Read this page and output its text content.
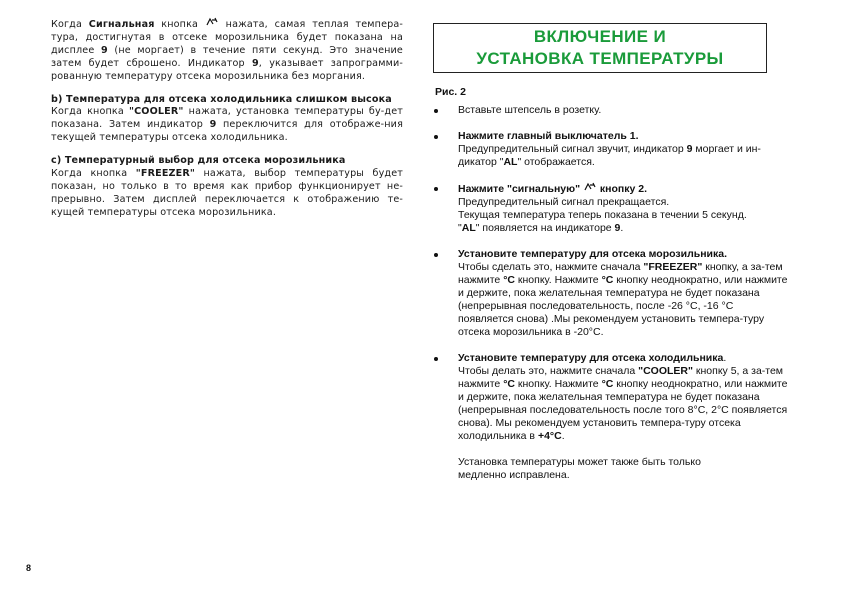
Когда Сигнальная кнопка  нажата, самая теплая темпера-тура, достигнутая в отсеке морозильника будет показана на дисплее 9 (не моргает) в течение пяти секунд. Это значение затем будет сброшено. Индикатор 9, указывает запрограмми-рованную температуру отсека морозильника без моргания.

b) Температура для отсека холодильника слишком высока
Когда кнопка "COOLER" нажата, установка температуры бу-дет показана. Затем индикатор 9 переключится для отображе-ния текущей температуры отсека холодильника.

c) Температурный выбор для отсека морозильника
Когда кнопка "FREEZER" нажата, выбор температуры будет показан, но только в то время как прибор функционирует не-прерывно. Затем дисплей переключается к отображению те-кущей температуры отсека морозильника.

8
ВКЛЮЧЕНИЕ И
УСТАНОВКА ТЕМПЕРАТУРЫ
Рис. 2
Вставьте штепсель в розетку.
Нажмите главный выключатель 1.
Предупредительный сигнал звучит, индикатор 9 моргает и ин-дикатор "AL" отображается.
Нажмите "сигнальную"  кнопку 2.
Предупредительный сигнал прекращается.
Текущая температура теперь показана в течении 5 секунд.
"AL" появляется на индикаторе 9.
Установите температуру для отсека морозильника.
Чтобы сделать это, нажмите сначала "FREEZER" кнопку, а за-тем нажмите °C кнопку. Нажмите °C кнопку неоднократно, или нажмите и держите, пока желательная температура не будет показана (непрерывная последовательность, после -26 °C, -16 °C появляется снова) .Мы рекомендуем установить темпера-туру отсека морозильника в -20°C.
Установите температуру для отсека холодильника.
Чтобы делать это, нажмите сначала "COOLER" кнопку 5, а за-тем нажмите °C кнопку. Нажмите °C кнопку неоднократно, или нажмите и держите, пока желательная температура не будет показана (непрерывная последовательность после того 8°C, 2°C появляется снова). Мы рекомендуем установить темпера-туру отсека холодильника в +4°C.
Установка температуры может также быть только
медленно исправлена.
